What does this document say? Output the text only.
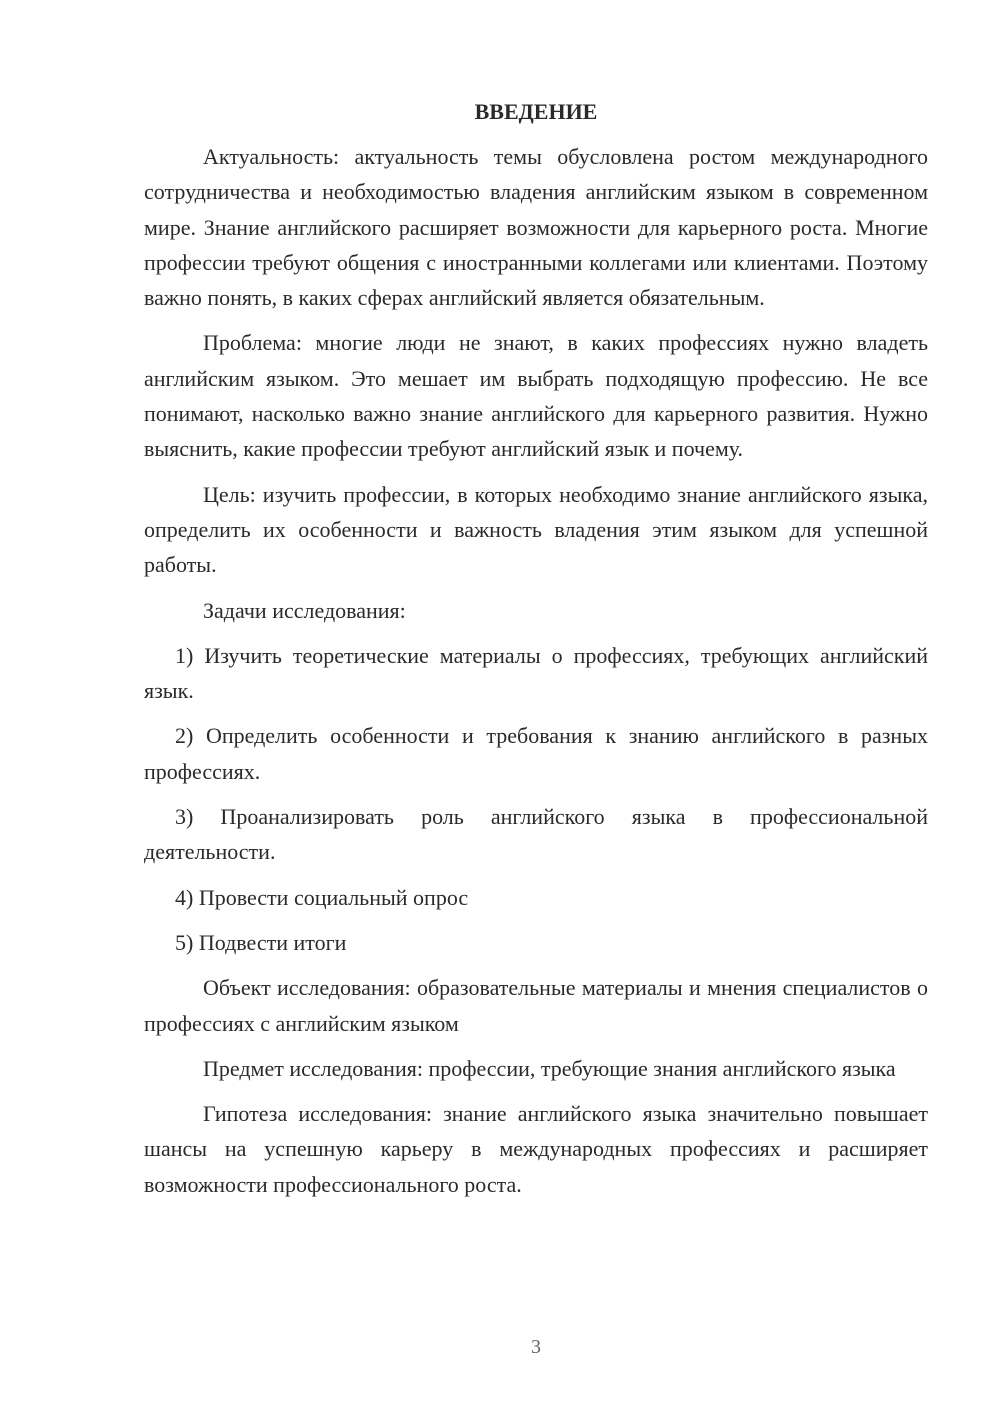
ВВЕДЕНИЕ
Актуальность: актуальность темы обусловлена ростом международного сотрудничества и необходимостью владения английским языком в современном мире. Знание английского расширяет возможности для карьерного роста. Многие профессии требуют общения с иностранными коллегами или клиентами. Поэтому важно понять, в каких сферах английский является обязательным.
Проблема: многие люди не знают, в каких профессиях нужно владеть английским языком. Это мешает им выбрать подходящую профессию. Не все понимают, насколько важно знание английского для карьерного развития. Нужно выяснить, какие профессии требуют английский язык и почему.
Цель: изучить профессии, в которых необходимо знание английского языка, определить их особенности и важность владения этим языком для успешной работы.
Задачи исследования:
1) Изучить теоретические материалы о профессиях, требующих английский язык.
2) Определить особенности и требования к знанию английского в разных профессиях.
3) Проанализировать роль английского языка в профессиональной деятельности.
4) Провести социальный опрос
5) Подвести итоги
Объект исследования: образовательные материалы и мнения специалистов о профессиях с английским языком
Предмет исследования: профессии, требующие знания английского языка
Гипотеза исследования: знание английского языка значительно повышает шансы на успешную карьеру в международных профессиях и расширяет возможности профессионального роста.
3
